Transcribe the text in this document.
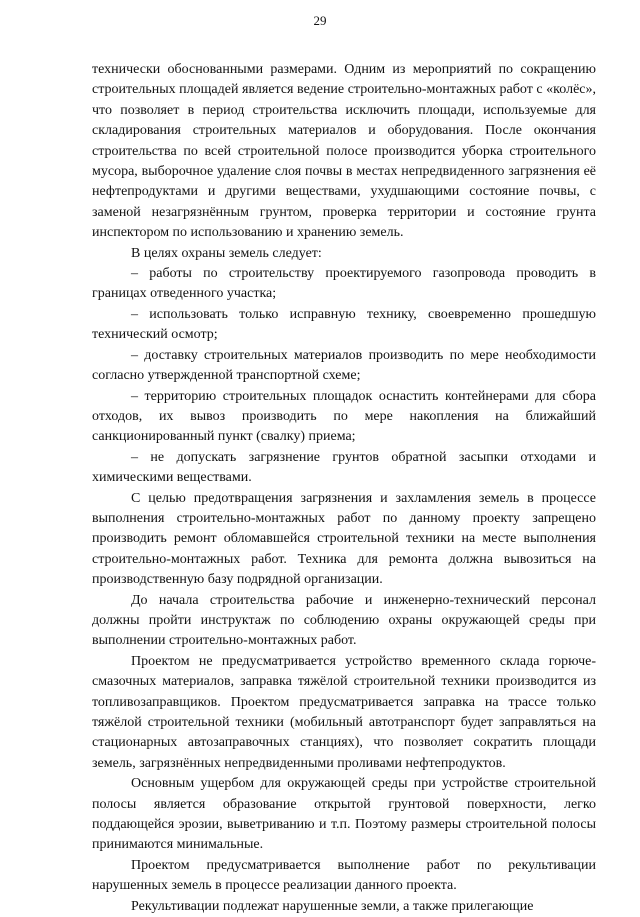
29

технически обоснованными размерами. Одним из мероприятий по сокращению строительных площадей является ведение строительно-монтажных работ с «колёс», что позволяет в период строительства исключить площади, используемые для складирования строительных материалов и оборудования. После окончания строительства по всей строительной полосе производится уборка строительного мусора, выборочное удаление слоя почвы в местах непредвиденного загрязнения её нефтепродуктами и другими веществами, ухудшающими состояние почвы, с заменой незагрязнённым грунтом, проверка территории и состояние грунта инспектором по использованию и хранению земель.

В целях охраны земель следует:

– работы по строительству проектируемого газопровода проводить в границах отведенного участка;

– использовать только исправную технику, своевременно прошедшую технический осмотр;

– доставку строительных материалов производить по мере необходимости согласно утвержденной транспортной схеме;

– территорию строительных площадок оснастить контейнерами для сбора отходов, их вывоз производить по мере накопления на ближайший санкционированный пункт (свалку) приема;

– не допускать загрязнение грунтов обратной засыпки отходами и химическими веществами.

С целью предотвращения загрязнения и захламления земель в процессе выполнения строительно-монтажных работ по данному проекту запрещено производить ремонт обломавшейся строительной техники на месте выполнения строительно-монтажных работ. Техника для ремонта должна вывозиться на производственную базу подрядной организации.

До начала строительства рабочие и инженерно-технический персонал должны пройти инструктаж по соблюдению охраны окружающей среды при выполнении строительно-монтажных работ.

Проектом не предусматривается устройство временного склада горюче-смазочных материалов, заправка тяжёлой строительной техники производится из топливозаправщиков. Проектом предусматривается заправка на трассе только тяжёлой строительной техники (мобильный автотранспорт будет заправляться на стационарных автозаправочных станциях), что позволяет сократить площади земель, загрязнённых непредвиденными проливами нефтепродуктов.

Основным ущербом для окружающей среды при устройстве строительной полосы является образование открытой грунтовой поверхности, легко поддающейся эрозии, выветриванию и т.п. Поэтому размеры строительной полосы принимаются минимальные.

Проектом предусматривается выполнение работ по рекультивации нарушенных земель в процессе реализации данного проекта.

Рекультивации подлежат нарушенные земли, а также прилегающие
